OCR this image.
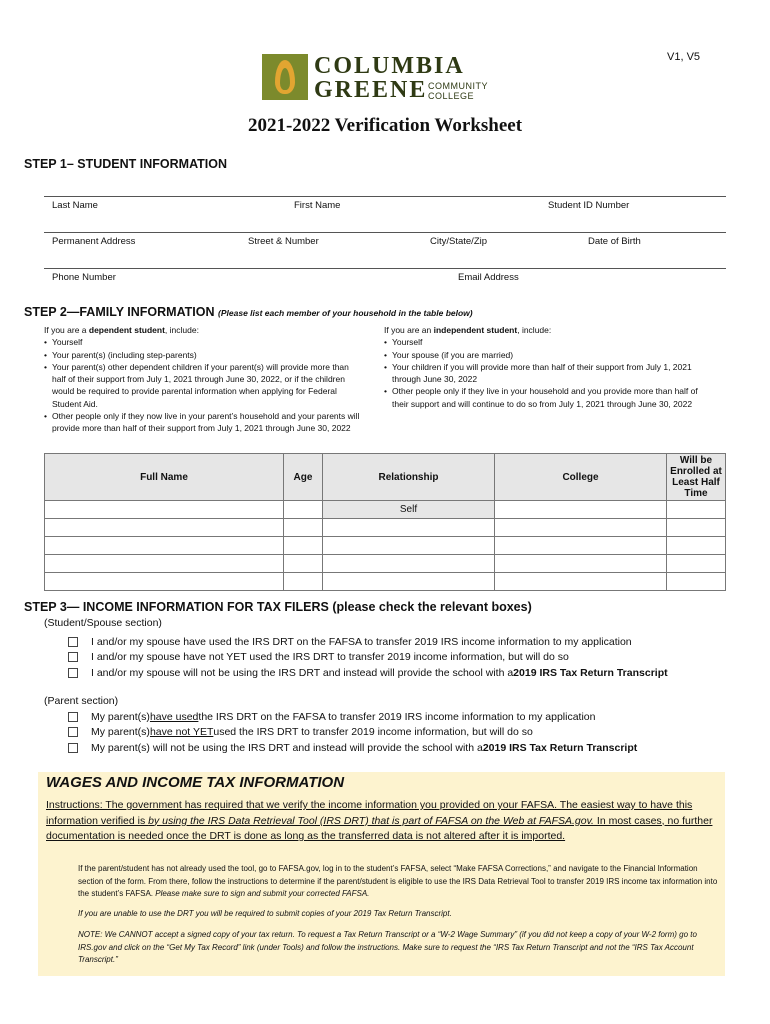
V1, V5
COLUMBIA
GREENE COMMUNITY
COLLEGE
2021-2022 Verification Worksheet
STEP 1– STUDENT INFORMATION
Last Name	First Name	Student ID Number
Permanent Address	Street & Number	City/State/Zip	Date of Birth
Phone Number	Email Address
STEP 2—FAMILY INFORMATION (Please list each member of your household in the table below)
If you are a dependent student, include:
• Yourself
• Your parent(s) (including step-parents)
• Your parent(s) other dependent children if your parent(s) will provide more than half of their support from July 1, 2021 through June 30, 2022, or if the children would be required to provide parental information when applying for Federal Student Aid.
• Other people only if they now live in your parent’s household and your parents will provide more than half of their support from July 1, 2021 through June 30, 2022
If you are an independent student, include:
• Yourself
• Your spouse (if you are married)
• Your children if you will provide more than half of their support from July 1, 2021 through June 30, 2022
• Other people only if they live in your household and you provide more than half of their support and will continue to do so from July 1, 2021 through June 30, 2022
Full Name	Age	Relationship	College	Will be Enrolled at Least Half Time
		Self		

STEP 3— INCOME INFORMATION FOR TAX FILERS (please check the relevant boxes)
(Student/Spouse section)
I and/or my spouse have used the IRS DRT on the FAFSA to transfer 2019 IRS income information to my application
I and/or my spouse have not YET used the IRS DRT to transfer 2019 income information, but will do so
I and/or my spouse will not be using the IRS DRT and instead will provide the school with a 2019 IRS Tax Return Transcript
(Parent section)
My parent(s) have used the IRS DRT on the FAFSA to transfer 2019 IRS income information to my application
My parent(s) have not YET used the IRS DRT to transfer 2019 income information, but will do so
My parent(s) will not be using the IRS DRT and instead will provide the school with a 2019 IRS Tax Return Transcript
WAGES AND INCOME TAX INFORMATION
Instructions: The government has required that we verify the income information you provided on your FAFSA. The easiest way to have this information verified is by using the IRS Data Retrieval Tool (IRS DRT) that is part of FAFSA on the Web at FAFSA.gov. In most cases, no further documentation is needed once the DRT is done as long as the transferred data is not altered after it is imported.
If the parent/student has not already used the tool, go to FAFSA.gov, log in to the student’s FAFSA, select “Make FAFSA Corrections,” and navigate to the Financial Information section of the form. From there, follow the instructions to determine if the parent/student is eligible to use the IRS Data Retrieval Tool to transfer 2019 IRS income tax information into the student’s FAFSA. Please make sure to sign and submit your corrected FAFSA.
If you are unable to use the DRT you will be required to submit copies of your 2019 Tax Return Transcript.
NOTE: We CANNOT accept a signed copy of your tax return. To request a Tax Return Transcript or a “W-2 Wage Summary” (if you did not keep a copy of your W-2 form) go to IRS.gov and click on the “Get My Tax Record” link (under Tools) and follow the instructions. Make sure to request the “IRS Tax Return Transcript and not the “IRS Tax Account Transcript.”
